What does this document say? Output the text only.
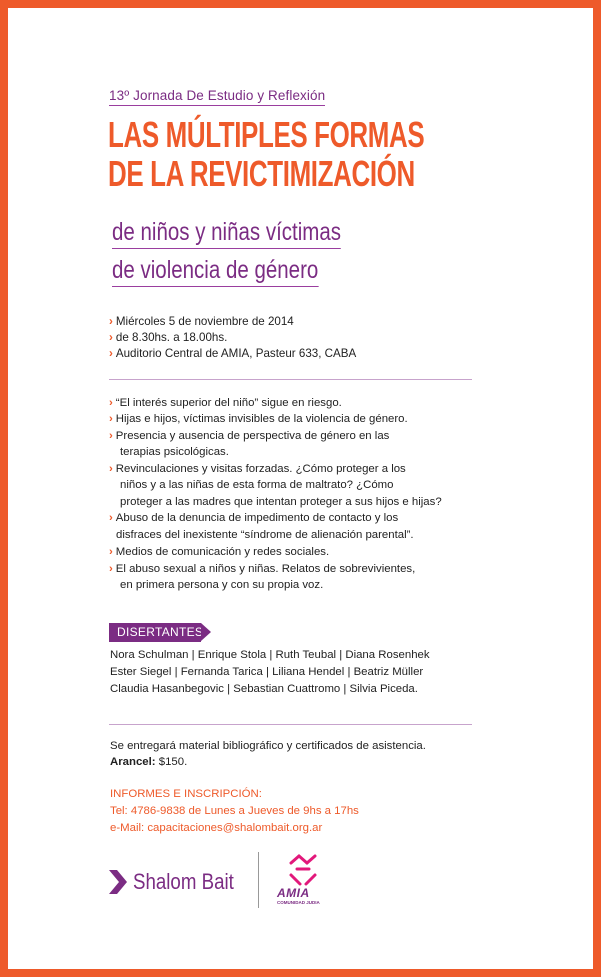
13º Jornada De Estudio y Reflexión
LAS MÚLTIPLES FORMAS
DE LA REVICTIMIZACIÓN
de niños y niñas víctimas
de violencia de género
› Miércoles 5 de noviembre de 2014
› de 8.30hs. a 18.00hs.
› Auditorio Central de AMIA, Pasteur 633, CABA
› “El interés superior del niño” sigue en riesgo.
› Hijas e hijos, víctimas invisibles de la violencia de género.
› Presencia y ausencia de perspectiva de género en las
terapias psicológicas.
› Revinculaciones y visitas forzadas. ¿Cómo proteger a los
niños y a las niñas de esta forma de maltrato? ¿Cómo
proteger a las madres que intentan proteger a sus hijos e hijas?
› Abuso de la denuncia de impedimento de contacto y los
disfraces del inexistente “síndrome de alienación parental”.
› Medios de comunicación y redes sociales.
› El abuso sexual a niños y niñas. Relatos de sobrevivientes,
en primera persona y con su propia voz.
DISERTANTES
Nora Schulman | Enrique Stola | Ruth Teubal | Diana Rosenhek
Ester Siegel | Fernanda Tarica | Liliana Hendel | Beatriz Müller
Claudia Hasanbegovic | Sebastian Cuattromo | Silvia Piceda.
Se entregará material bibliográfico y certificados de asistencia.
Arancel: $150.
INFORMES E INSCRIPCIÓN:
Tel: 4786-9838 de Lunes a Jueves de 9hs a 17hs
e-Mail: capacitaciones@shalombait.org.ar
Shalom Bait	AMIA
COMUNIDAD JUDIA
